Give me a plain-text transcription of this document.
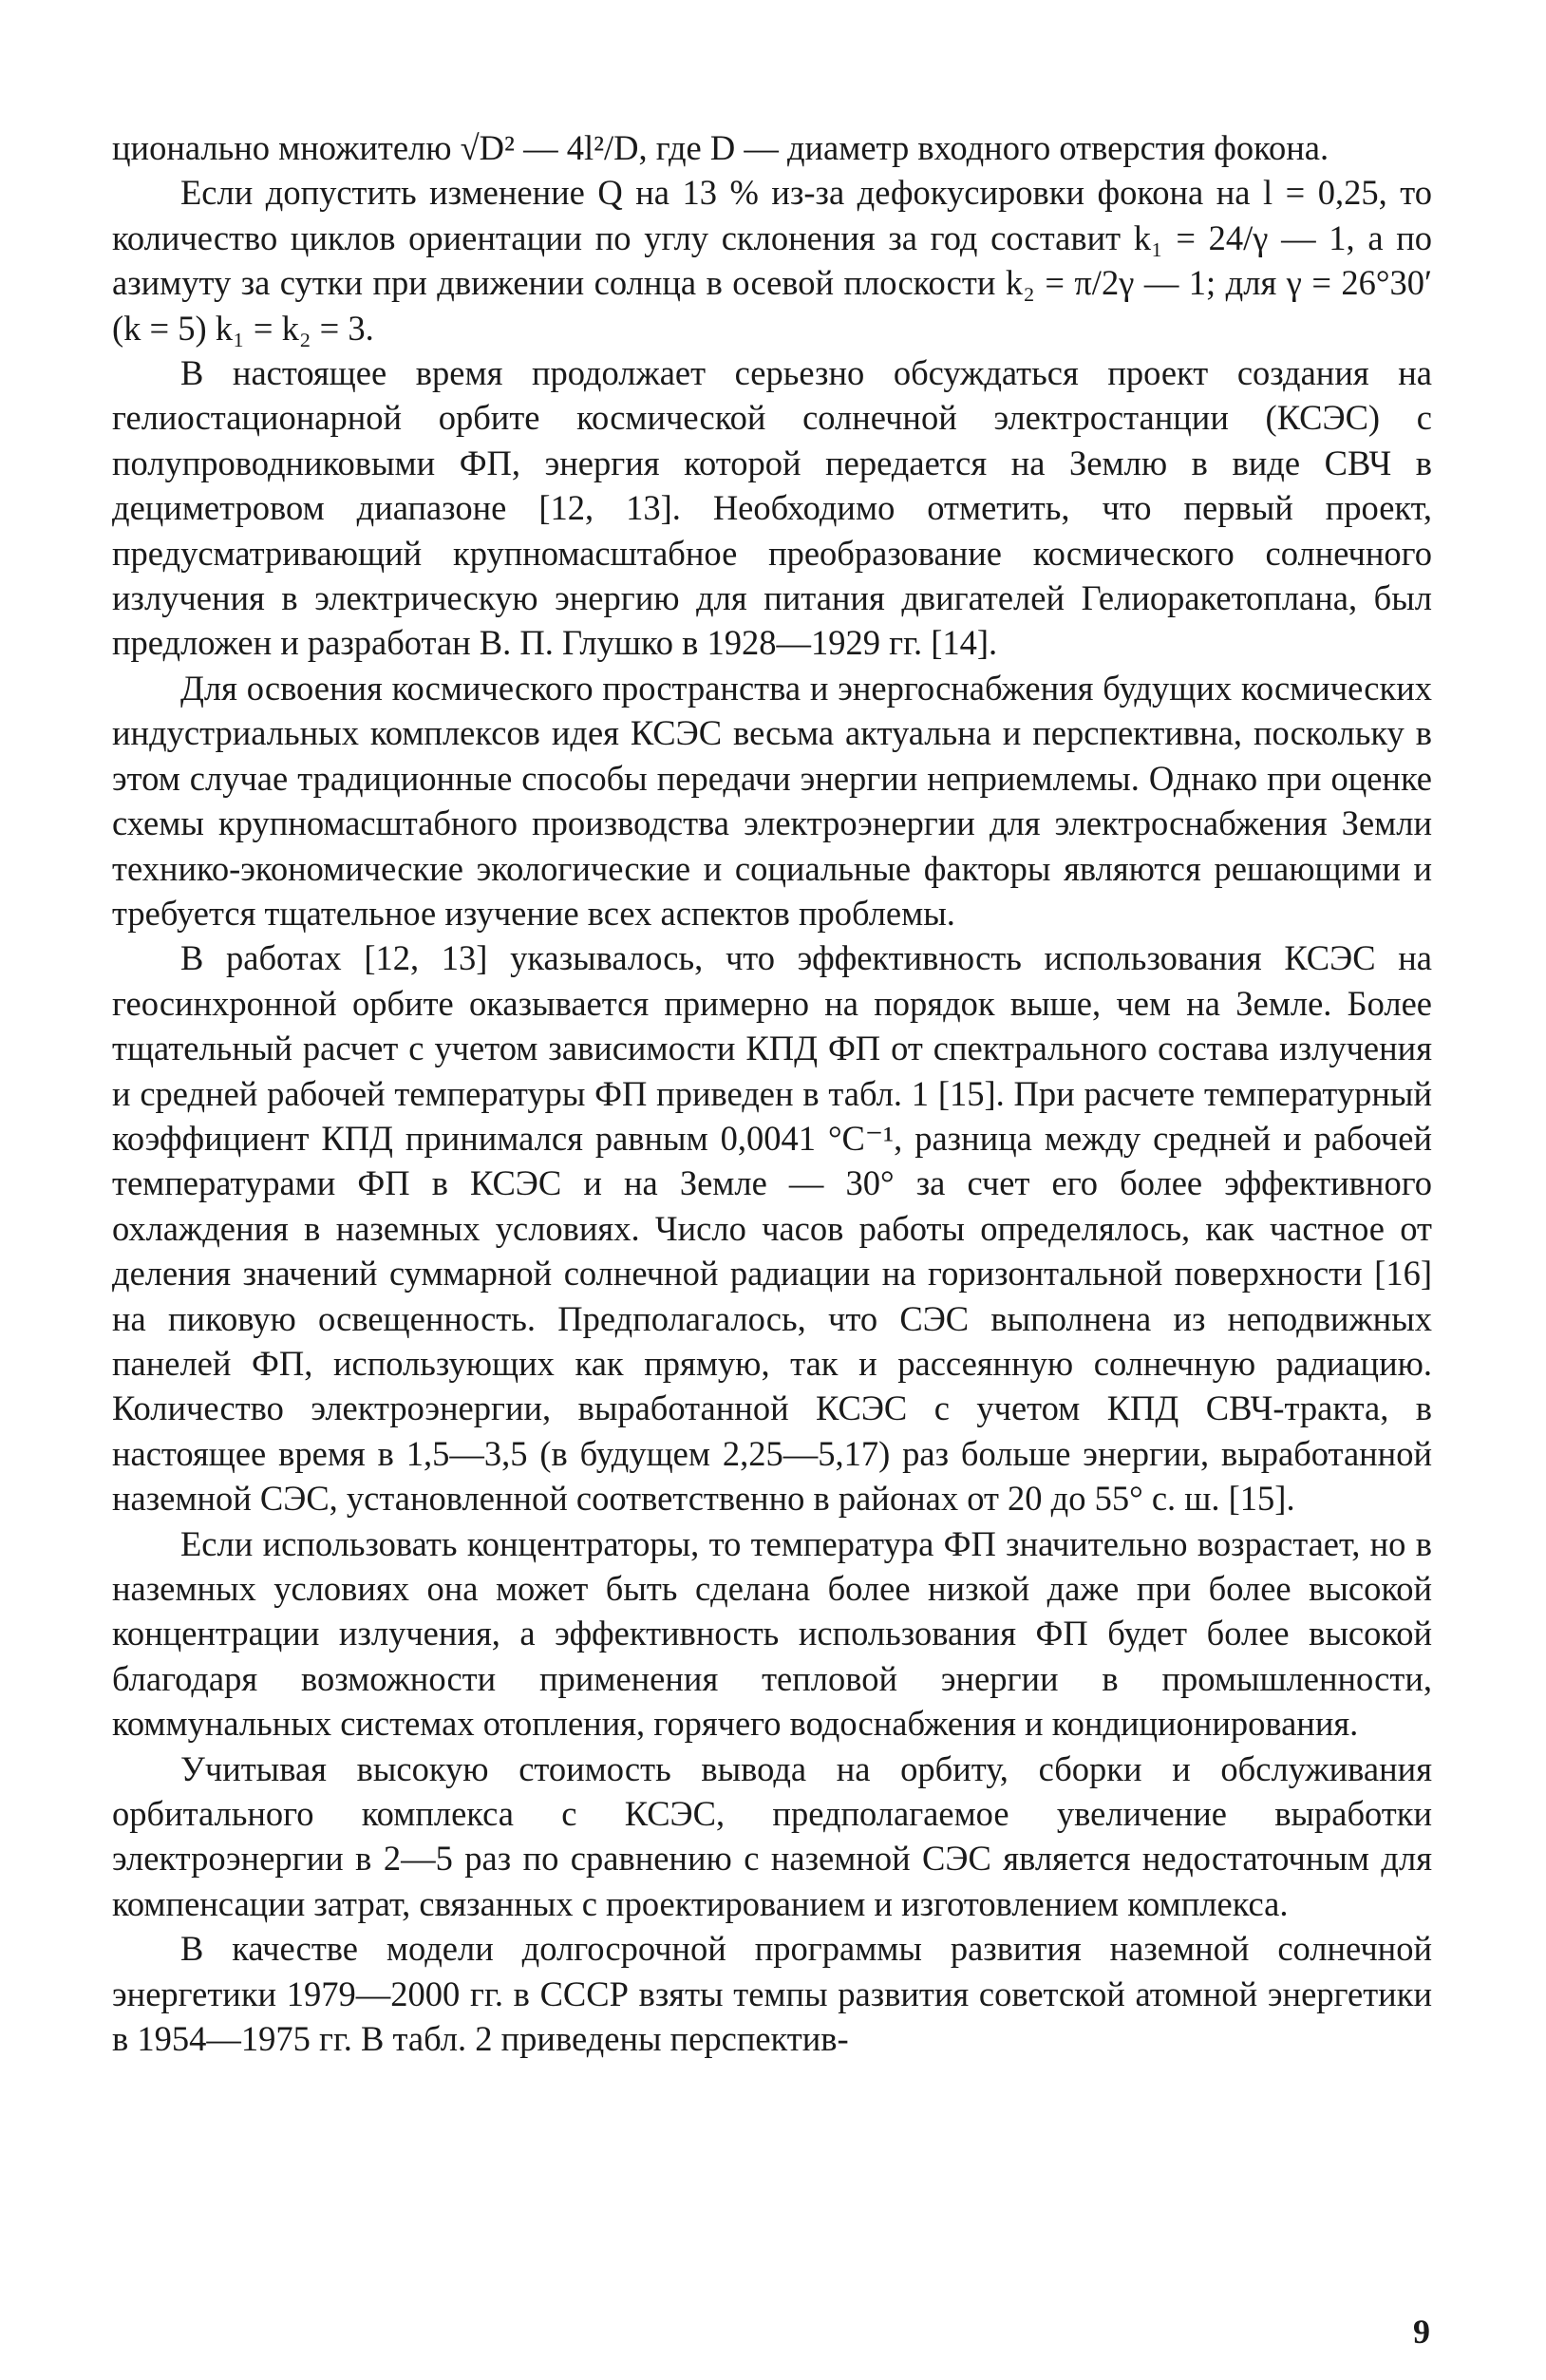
ционально множителю √D² — 4l²/D, где D — диаметр входного отверстия фокона.

Если допустить изменение Q на 13 % из-за дефокусировки фокона на l = 0,25, то количество циклов ориентации по углу склонения за год составит k₁ = 24/γ — 1, а по азимуту за сутки при движении солнца в осевой плоскости k₂ = π/2γ — 1; для γ = 26°30′ (k = 5) k₁ = k₂ = 3.

В настоящее время продолжает серьезно обсуждаться проект создания на гелиостационарной орбите космической солнечной электростанции (КСЭС) с полупроводниковыми ФП, энергия которой передается на Землю в виде СВЧ в дециметровом диапазоне [12, 13]. Необходимо отметить, что первый проект, предусматривающий крупномасштабное преобразование космического солнечного излучения в электрическую энергию для питания двигателей Гелиоракетоплана, был предложен и разработан В. П. Глушко в 1928—1929 гг. [14].

Для освоения космического пространства и энергоснабжения будущих космических индустриальных комплексов идея КСЭС весьма актуальна и перспективна, поскольку в этом случае традиционные способы передачи энергии неприемлемы. Однако при оценке схемы крупномасштабного производства электроэнергии для электроснабжения Земли технико-экономические экологические и социальные факторы являются решающими и требуется тщательное изучение всех аспектов проблемы.

В работах [12, 13] указывалось, что эффективность использования КСЭС на геосинхронной орбите оказывается примерно на порядок выше, чем на Земле. Более тщательный расчет с учетом зависимости КПД ФП от спектрального состава излучения и средней рабочей температуры ФП приведен в табл. 1 [15]. При расчете температурный коэффициент КПД принимался равным 0,0041 °C⁻¹, разница между средней и рабочей температурами ФП в КСЭС и на Земле — 30° за счет его более эффективного охлаждения в наземных условиях. Число часов работы определялось, как частное от деления значений суммарной солнечной радиации на горизонтальной поверхности [16] на пиковую освещенность. Предполагалось, что СЭС выполнена из неподвижных панелей ФП, использующих как прямую, так и рассеянную солнечную радиацию. Количество электроэнергии, выработанной КСЭС с учетом КПД СВЧ-тракта, в настоящее время в 1,5—3,5 (в будущем 2,25—5,17) раз больше энергии, выработанной наземной СЭС, установленной соответственно в районах от 20 до 55° с. ш. [15].

Если использовать концентраторы, то температура ФП значительно возрастает, но в наземных условиях она может быть сделана более низкой даже при более высокой концентрации излучения, а эффективность использования ФП будет более высокой благодаря возможности применения тепловой энергии в промышленности, коммунальных системах отопления, горячего водоснабжения и кондиционирования.

Учитывая высокую стоимость вывода на орбиту, сборки и обслуживания орбитального комплекса с КСЭС, предполагаемое увеличение выработки электроэнергии в 2—5 раз по сравнению с наземной СЭС является недостаточным для компенсации затрат, связанных с проектированием и изготовлением комплекса.

В качестве модели долгосрочной программы развития наземной солнечной энергетики 1979—2000 гг. в СССР взяты темпы развития советской атомной энергетики в 1954—1975 гг. В табл. 2 приведены перспектив-

9
